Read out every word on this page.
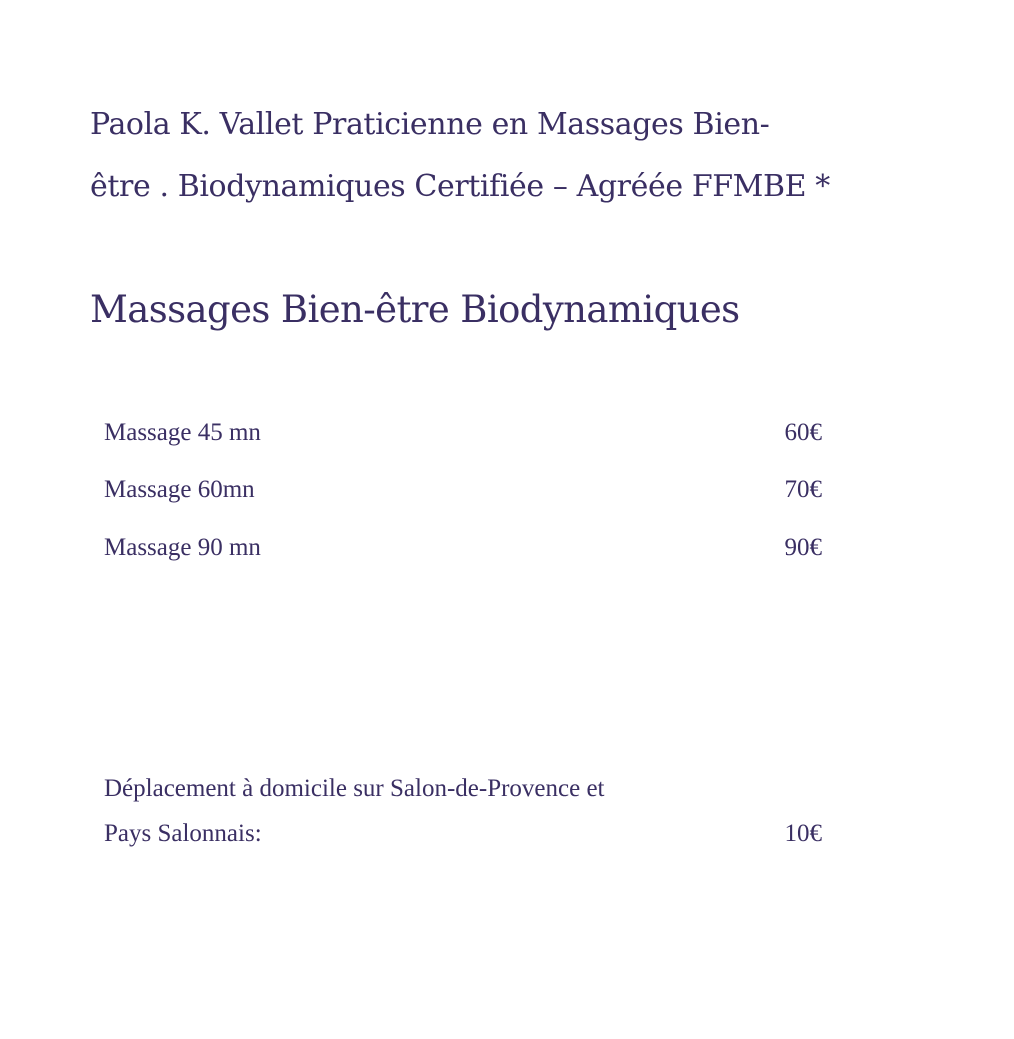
Paola K. Vallet Praticienne en Massages Bien-
être . Biodynamiques Certifiée – Agréée FFMBE *

Massages Bien-être Biodynamiques
Massage 45 mn	60€
Massage 60mn	70€
Massage 90 mn	90€
Déplacement à domicile sur Salon-de-Provence et
Pays Salonnais:	10€
